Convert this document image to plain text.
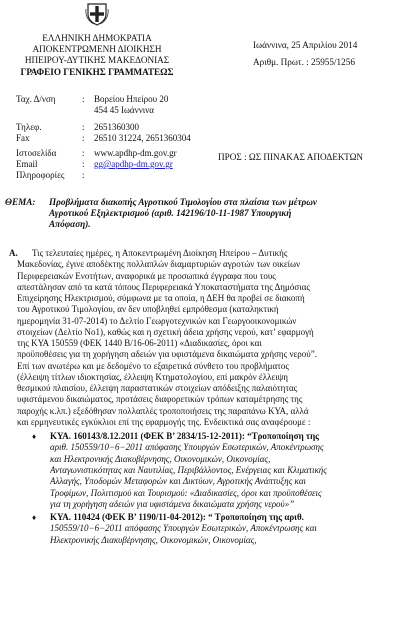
ΕΛΛΗΝΙΚΗ ΔΗΜΟΚΡΑΤΙΑ
ΑΠΟΚΕΝΤΡΩΜΕΝΗ ΔΙΟΙΚΗΣΗ
ΗΠΕΙΡΟΥ-ΔΥΤΙΚΗΣ ΜΑΚΕΔΟΝΙΑΣ
ΓΡΑΦΕΙΟ ΓΕΝΙΚΗΣ ΓΡΑΜΜΑΤΕΩΣ
Ιωάννινα, 25 Απριλίου 2014
Αριθμ. Πρωτ. : 25955/1256
Ταχ. Δ/νση	: Βορείου Ηπείρου 20
454 45 Ιωάννινα
Τηλεφ.	: 2651360300
Fax	: 26510 31224, 2651360304
Ιστοσελίδα	: www.apdhp-dm.gov.gr
Email	: gg@apdhp-dm.gov.gr
Πληροφορίες :
ΠΡΟΣ : ΩΣ ΠΙΝΑΚΑΣ ΑΠΟΔΕΚΤΩΝ
ΘΕΜΑ: Προβλήματα διακοπής Αγροτικού Τιμολογίου στα πλαίσια των μέτρων
Αγροτικού Εξηλεκτρισμού (αριθ. 142196/10-11-1987 Υπουργική
Απόφαση).
Α. Τις τελευταίες ημέρες, η Αποκεντρωμένη Διοίκηση Ηπείρου – Δυτικής
Μακεδονίας, έγινε αποδέκτης πολλαπλών διαμαρτυριών αγροτών των οικείων
Περιφερειακών Ενοτήτων, αναφορικά με προσωπικά έγγραφα που τους
απεστάλησαν από τα κατά τόπους Περιφερειακά Υποκαταστήματα της Δημόσιας
Επιχείρησης Ηλεκτρισμού, σύμφωνα με τα οποία, η ΔΕΗ θα προβεί σε διακοπή
του Αγροτικού Τιμολογίου, αν δεν υποβληθεί εμπρόθεσμα (καταληκτική
ημερομηνία 31-07-2014) το Δελτίο Γεωργοτεχνικών και Γεωργοοικονομικών
στοιχείων (Δελτίο Νο1), καθώς και η σχετική άδεια χρήσης νερού, κατ’ εφαρμογή
της ΚΥΑ 150559 (ΦΕΚ 1440 Β/16-06-2011) «Διαδικασίες, όροι και
προϋποθέσεις για τη χορήγηση αδειών για υφιστάμενα δικαιώματα χρήσης νερού”.
Επί των ανωτέρω και με δεδομένο το εξαιρετικά σύνθετο του προβλήματος
(έλλειψη τίτλων ιδιοκτησίας, έλλειψη Κτηματολογίου, επί μακρόν έλλειψη
θεσμικού πλαισίου, έλλειψη παραστατικών στοιχείων απόδειξης παλαιότητας
υφιστάμενου δικαιώματος, προτάσεις διαφορετικών τρόπων καταμέτρησης της
παροχής κ.λπ.) εξεδόθησαν πολλαπλές τροποποιήσεις της παραπάνω ΚΥΑ, αλλά
και ερμηνευτικές εγκύκλιοι επί της εφαρμογής της. Ενδεικτικά σας αναφέρουμε :
♦ ΚΥΑ. 160143/8.12.2011 (ΦΕΚ Β’ 2834/15-12-2011): “Τροποποίηση της
αριθ. 150559/10−6−2011 απόφασης Υπουργών Εσωτερικών, Αποκέντρωσης
και Ηλεκτρονικής Διακυβέρνησης, Οικονομικών, Οικονομίας,
Ανταγωνιστικότητας και Ναυτιλίας, Περιβάλλοντος, Ενέργειας και Κλιματικής
Αλλαγής, Υποδομών Μεταφορών και Δικτύων, Αγροτικής Ανάπτυξης και
Τροφίμων, Πολιτισμού και Τουρισμού: «Διαδικασίες, όροι και προϋποθέσεις
για τη χορήγηση αδειών για υφιστάμενα δικαιώματα χρήσης νερού»”
♦ ΚΥΑ. 110424 (ΦΕΚ Β’ 1190/11-04-2012): “ Τροποποίηση της αριθ.
150559/10−6−2011 απόφασης Υπουργών Εσωτερικών, Αποκέντρωσης και
Ηλεκτρονικής Διακυβέρνησης, Οικονομικών, Οικονομίας,
